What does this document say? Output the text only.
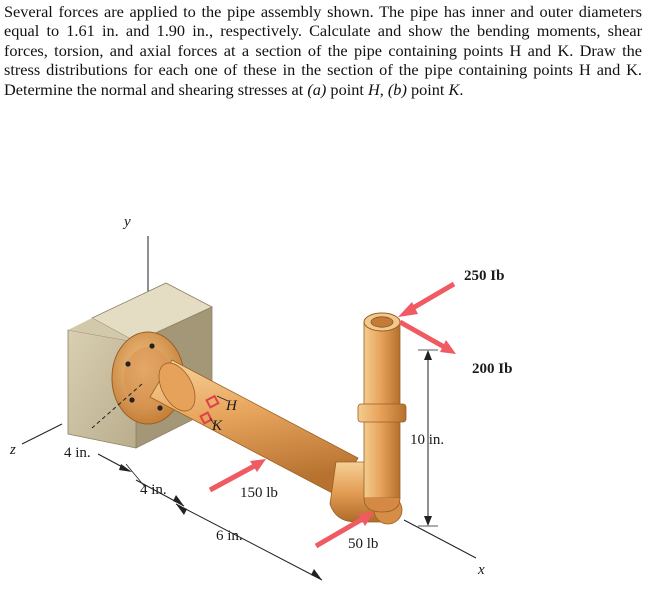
Several forces are applied to the pipe assembly shown. The pipe has inner and outer diameters equal to 1.61 in. and 1.90 in., respectively. Calculate and show the bending moments, shear forces, torsion, and axial forces at a section of the pipe containing points H and K. Draw the stress distributions for each one of these in the section of the pipe containing points H and K. Determine the normal and shearing stresses at (a) point H, (b) point K.

y
z
H
K
x
10 in.
4 in.
4 in.
6 in.
250 Ib
200 Ib
150 lb
50 lb
